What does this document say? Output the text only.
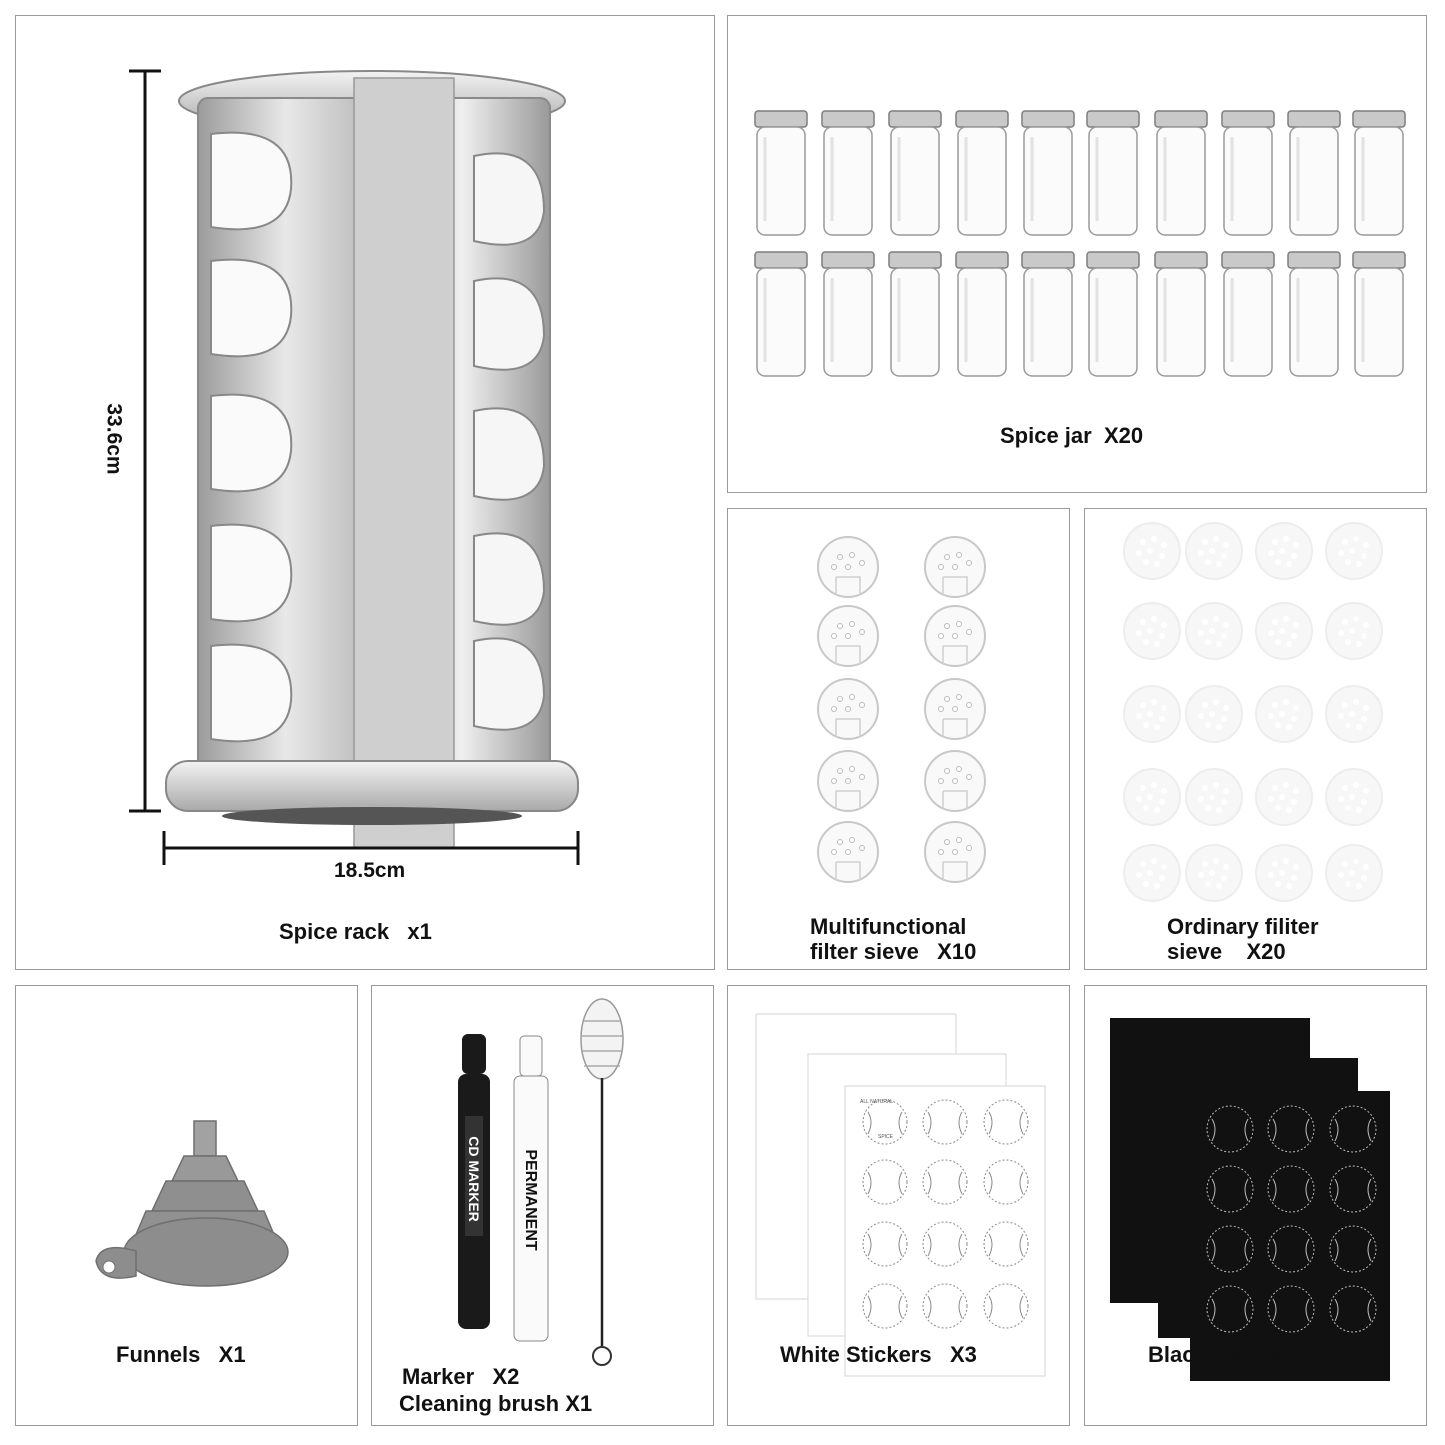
33.6cm
18.5cm
Spice rack   x1
Spice jar  X20
Multifunctional
filter sieve   X10
Ordinary filiter
sieve    X20
Funnels   X1
CD MARKER	PERMANENT
Marker   X2
Cleaning brush X1
ALL NATURAL
SPICE
White Stickers   X3	Black Sticker   X3
